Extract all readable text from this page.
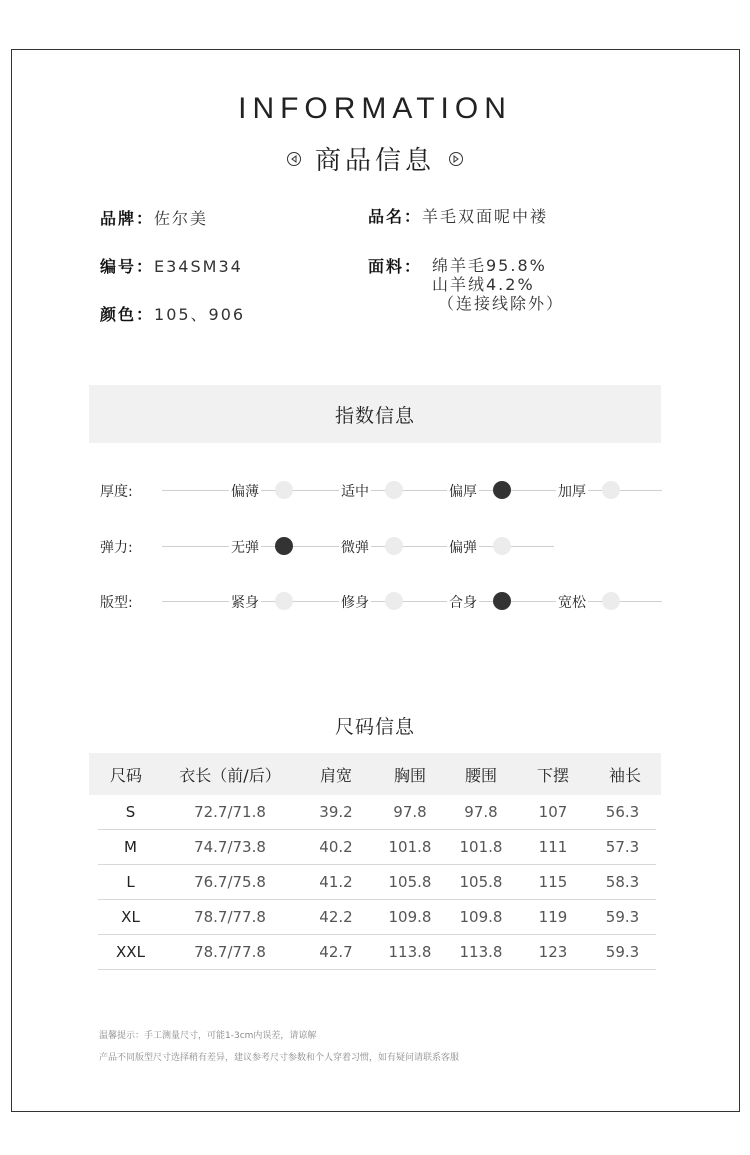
INFORMATION
商品信息
品牌：佐尔美	品名：羊毛双面呢中褛
编号：E34SM34	面料： 绵羊毛95.8%
山羊绒4.2%
（连接线除外）
颜色：105、906
指数信息
厚度:	偏薄	适中	偏厚	加厚
弹力:	无弹	微弹	偏弹
版型:	紧身	修身	合身	宽松
尺码信息
尺码	衣长（前/后）	肩宽	胸围	腰围	下摆	袖长
S	72.7/71.8	39.2	97.8	97.8	107	56.3
M	74.7/73.8	40.2	101.8	101.8	111	57.3
L	76.7/75.8	41.2	105.8	105.8	115	58.3
XL	78.7/77.8	42.2	109.8	109.8	119	59.3
XXL	78.7/77.8	42.7	113.8	113.8	123	59.3
温馨提示：手工测量尺寸，可能1-3cm内误差，请谅解
产品不同版型尺寸选择稍有差异，建议参考尺寸参数和个人穿着习惯，如有疑问请联系客服
